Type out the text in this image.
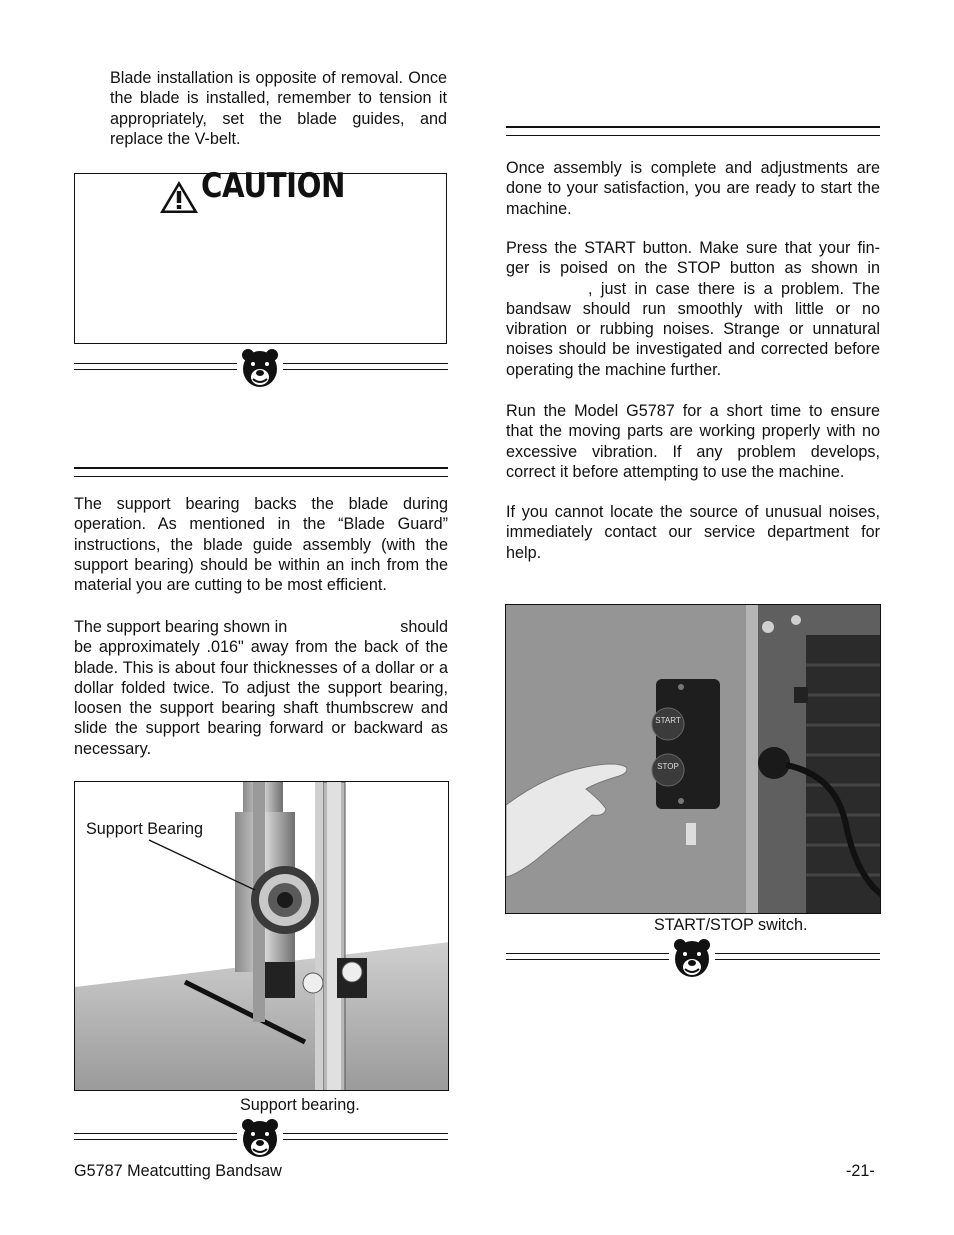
Blade installation is opposite of removal. Once the blade is installed, remember to tension it appropriately, set the blade guides, and replace the V-belt.

CAUTION

The support bearing backs the blade during operation. As mentioned in the “Blade Guard” instructions, the blade guide assembly (with the support bearing) should be within an inch from the material you are cutting to be most efficient.

The support bearing shown in	should

be approximately .016" away from the back of the blade. This is about four thicknesses of a dollar or a dollar folded twice. To adjust the support bearing, loosen the support bearing shaft thumbscrew and slide the support bearing forward or backward as necessary.

Support Bearing
Support bearing.

Once assembly is complete and adjustments are done to your satisfaction, you are ready to start the machine.

Press the START button. Make sure that your fin-
ger is poised on the STOP button as shown in
, just in case there is a problem. The

bandsaw should run smoothly with little or no vibration or rubbing noises. Strange or unnatural noises should be investigated and corrected before operating the machine further.

Run the Model G5787 for a short time to ensure that the moving parts are working properly with no excessive vibration. If any problem develops, correct it before attempting to use the machine.

If you cannot locate the source of unusual noises, immediately contact our service department for help.

START
STOP
START/STOP switch.
G5787 Meatcutting Bandsaw	-21-
